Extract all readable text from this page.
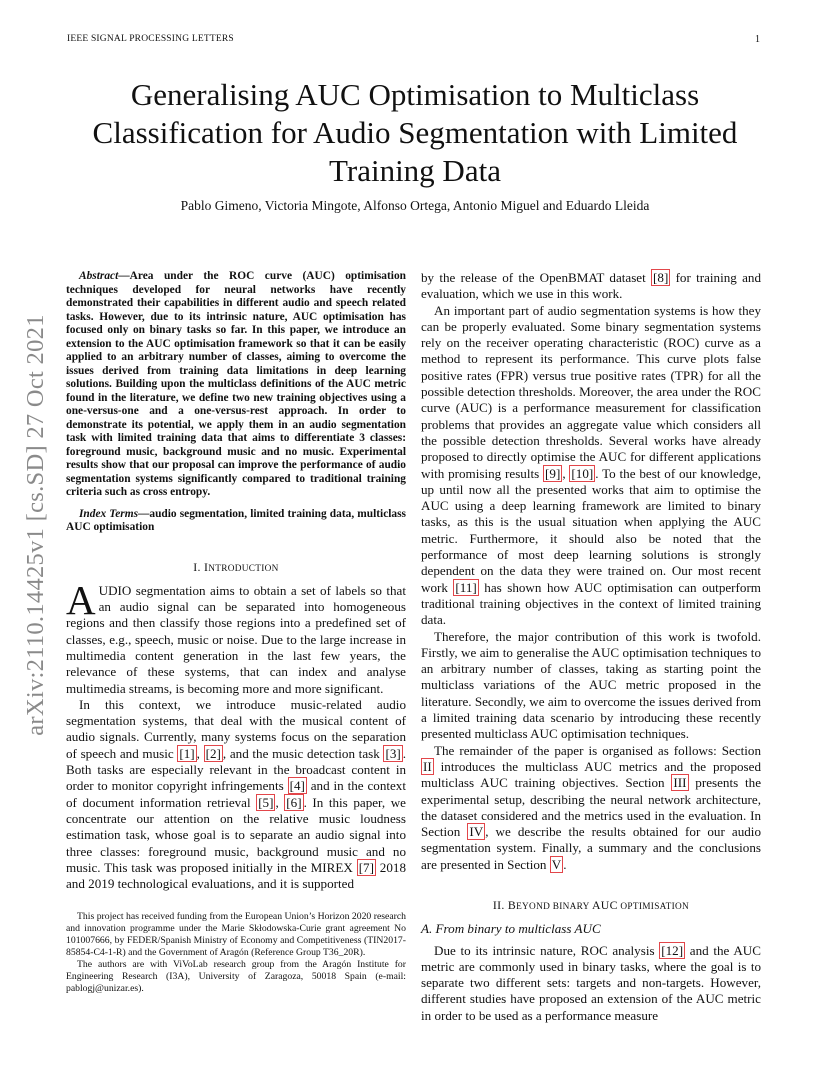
IEEE SIGNAL PROCESSING LETTERS	1
arXiv:2110.14425v1 [cs.SD] 27 Oct 2021
Generalising AUC Optimisation to Multiclass Classification for Audio Segmentation with Limited Training Data
Pablo Gimeno, Victoria Mingote, Alfonso Ortega, Antonio Miguel and Eduardo Lleida

Abstract—Area under the ROC curve (AUC) optimisation techniques developed for neural networks have recently demonstrated their capabilities in different audio and speech related tasks. However, due to its intrinsic nature, AUC optimisation has focused only on binary tasks so far. In this paper, we introduce an extension to the AUC optimisation framework so that it can be easily applied to an arbitrary number of classes, aiming to overcome the issues derived from training data limitations in deep learning solutions. Building upon the multiclass definitions of the AUC metric found in the literature, we define two new training objectives using a one-versus-one and a one-versus-rest approach. In order to demonstrate its potential, we apply them in an audio segmentation task with limited training data that aims to differentiate 3 classes: foreground music, background music and no music. Experimental results show that our proposal can improve the performance of audio segmentation systems significantly compared to traditional training criteria such as cross entropy.

Index Terms—audio segmentation, limited training data, multiclass AUC optimisation

I. INTRODUCTION

AUDIO segmentation aims to obtain a set of labels so that an audio signal can be separated into homogeneous regions and then classify those regions into a predefined set of classes, e.g., speech, music or noise. Due to the large increase in multimedia content generation in the last few years, the relevance of these systems, that can index and analyse multimedia streams, is becoming more and more significant.

In this context, we introduce music-related audio segmentation systems, that deal with the musical content of audio signals. Currently, many systems focus on the separation of speech and music [1] , [2] , and the music detection task [3] . Both tasks are especially relevant in the broadcast content in order to monitor copyright infringements [4] and in the context of document information retrieval [5] , [6] . In this paper, we concentrate our attention on the relative music loudness estimation task, whose goal is to separate an audio signal into three classes: foreground music, background music and no music. This task was proposed initially in the MIREX [7] 2018 and 2019 technological evaluations, and it is supported

This project has received funding from the European Union’s Horizon 2020 research and innovation programme under the Marie Skłodowska-Curie grant agreement No 101007666, by FEDER/Spanish Ministry of Economy and Competitiveness (TIN2017-85854-C4-1-R) and the Government of Aragón (Reference Group T36_20R).

The authors are with ViVoLab research group from the Aragón Institute for Engineering Research (I3A), University of Zaragoza, 50018 Spain (e-mail: pablogj@unizar.es).

by the release of the OpenBMAT dataset [8] for training and evaluation, which we use in this work.

An important part of audio segmentation systems is how they can be properly evaluated. Some binary segmentation systems rely on the receiver operating characteristic (ROC) curve as a method to represent its performance. This curve plots false positive rates (FPR) versus true positive rates (TPR) for all the possible detection thresholds. Moreover, the area under the ROC curve (AUC) is a performance measurement for classification problems that provides an aggregate value which considers all the possible detection thresholds. Several works have already proposed to directly optimise the AUC for different applications with promising results [9] , [10] . To the best of our knowledge, up until now all the presented works that aim to optimise the AUC using a deep learning framework are limited to binary tasks, as this is the usual situation when applying the AUC metric. Furthermore, it should also be noted that the performance of most deep learning solutions is strongly dependent on the data they were trained on. Our most recent work [11] has shown how AUC optimisation can outperform traditional training objectives in the context of limited training data.

Therefore, the major contribution of this work is twofold. Firstly, we aim to generalise the AUC optimisation techniques to an arbitrary number of classes, taking as starting point the multiclass variations of the AUC metric proposed in the literature. Secondly, we aim to overcome the issues derived from a limited training data scenario by introducing these recently presented multiclass AUC optimisation techniques.

The remainder of the paper is organised as follows: Section II introduces the multiclass AUC metrics and the proposed multiclass AUC training objectives. Section III presents the experimental setup, describing the neural network architecture, the dataset considered and the metrics used in the evaluation. In Section IV , we describe the results obtained for our audio segmentation system. Finally, a summary and the conclusions are presented in Section V .

II. BEYOND BINARY AUC OPTIMISATION
A. From binary to multiclass AUC

Due to its intrinsic nature, ROC analysis [12] and the AUC metric are commonly used in binary tasks, where the goal is to separate two different sets: targets and non-targets. However, different studies have proposed an extension of the AUC metric in order to be used as a performance measure
